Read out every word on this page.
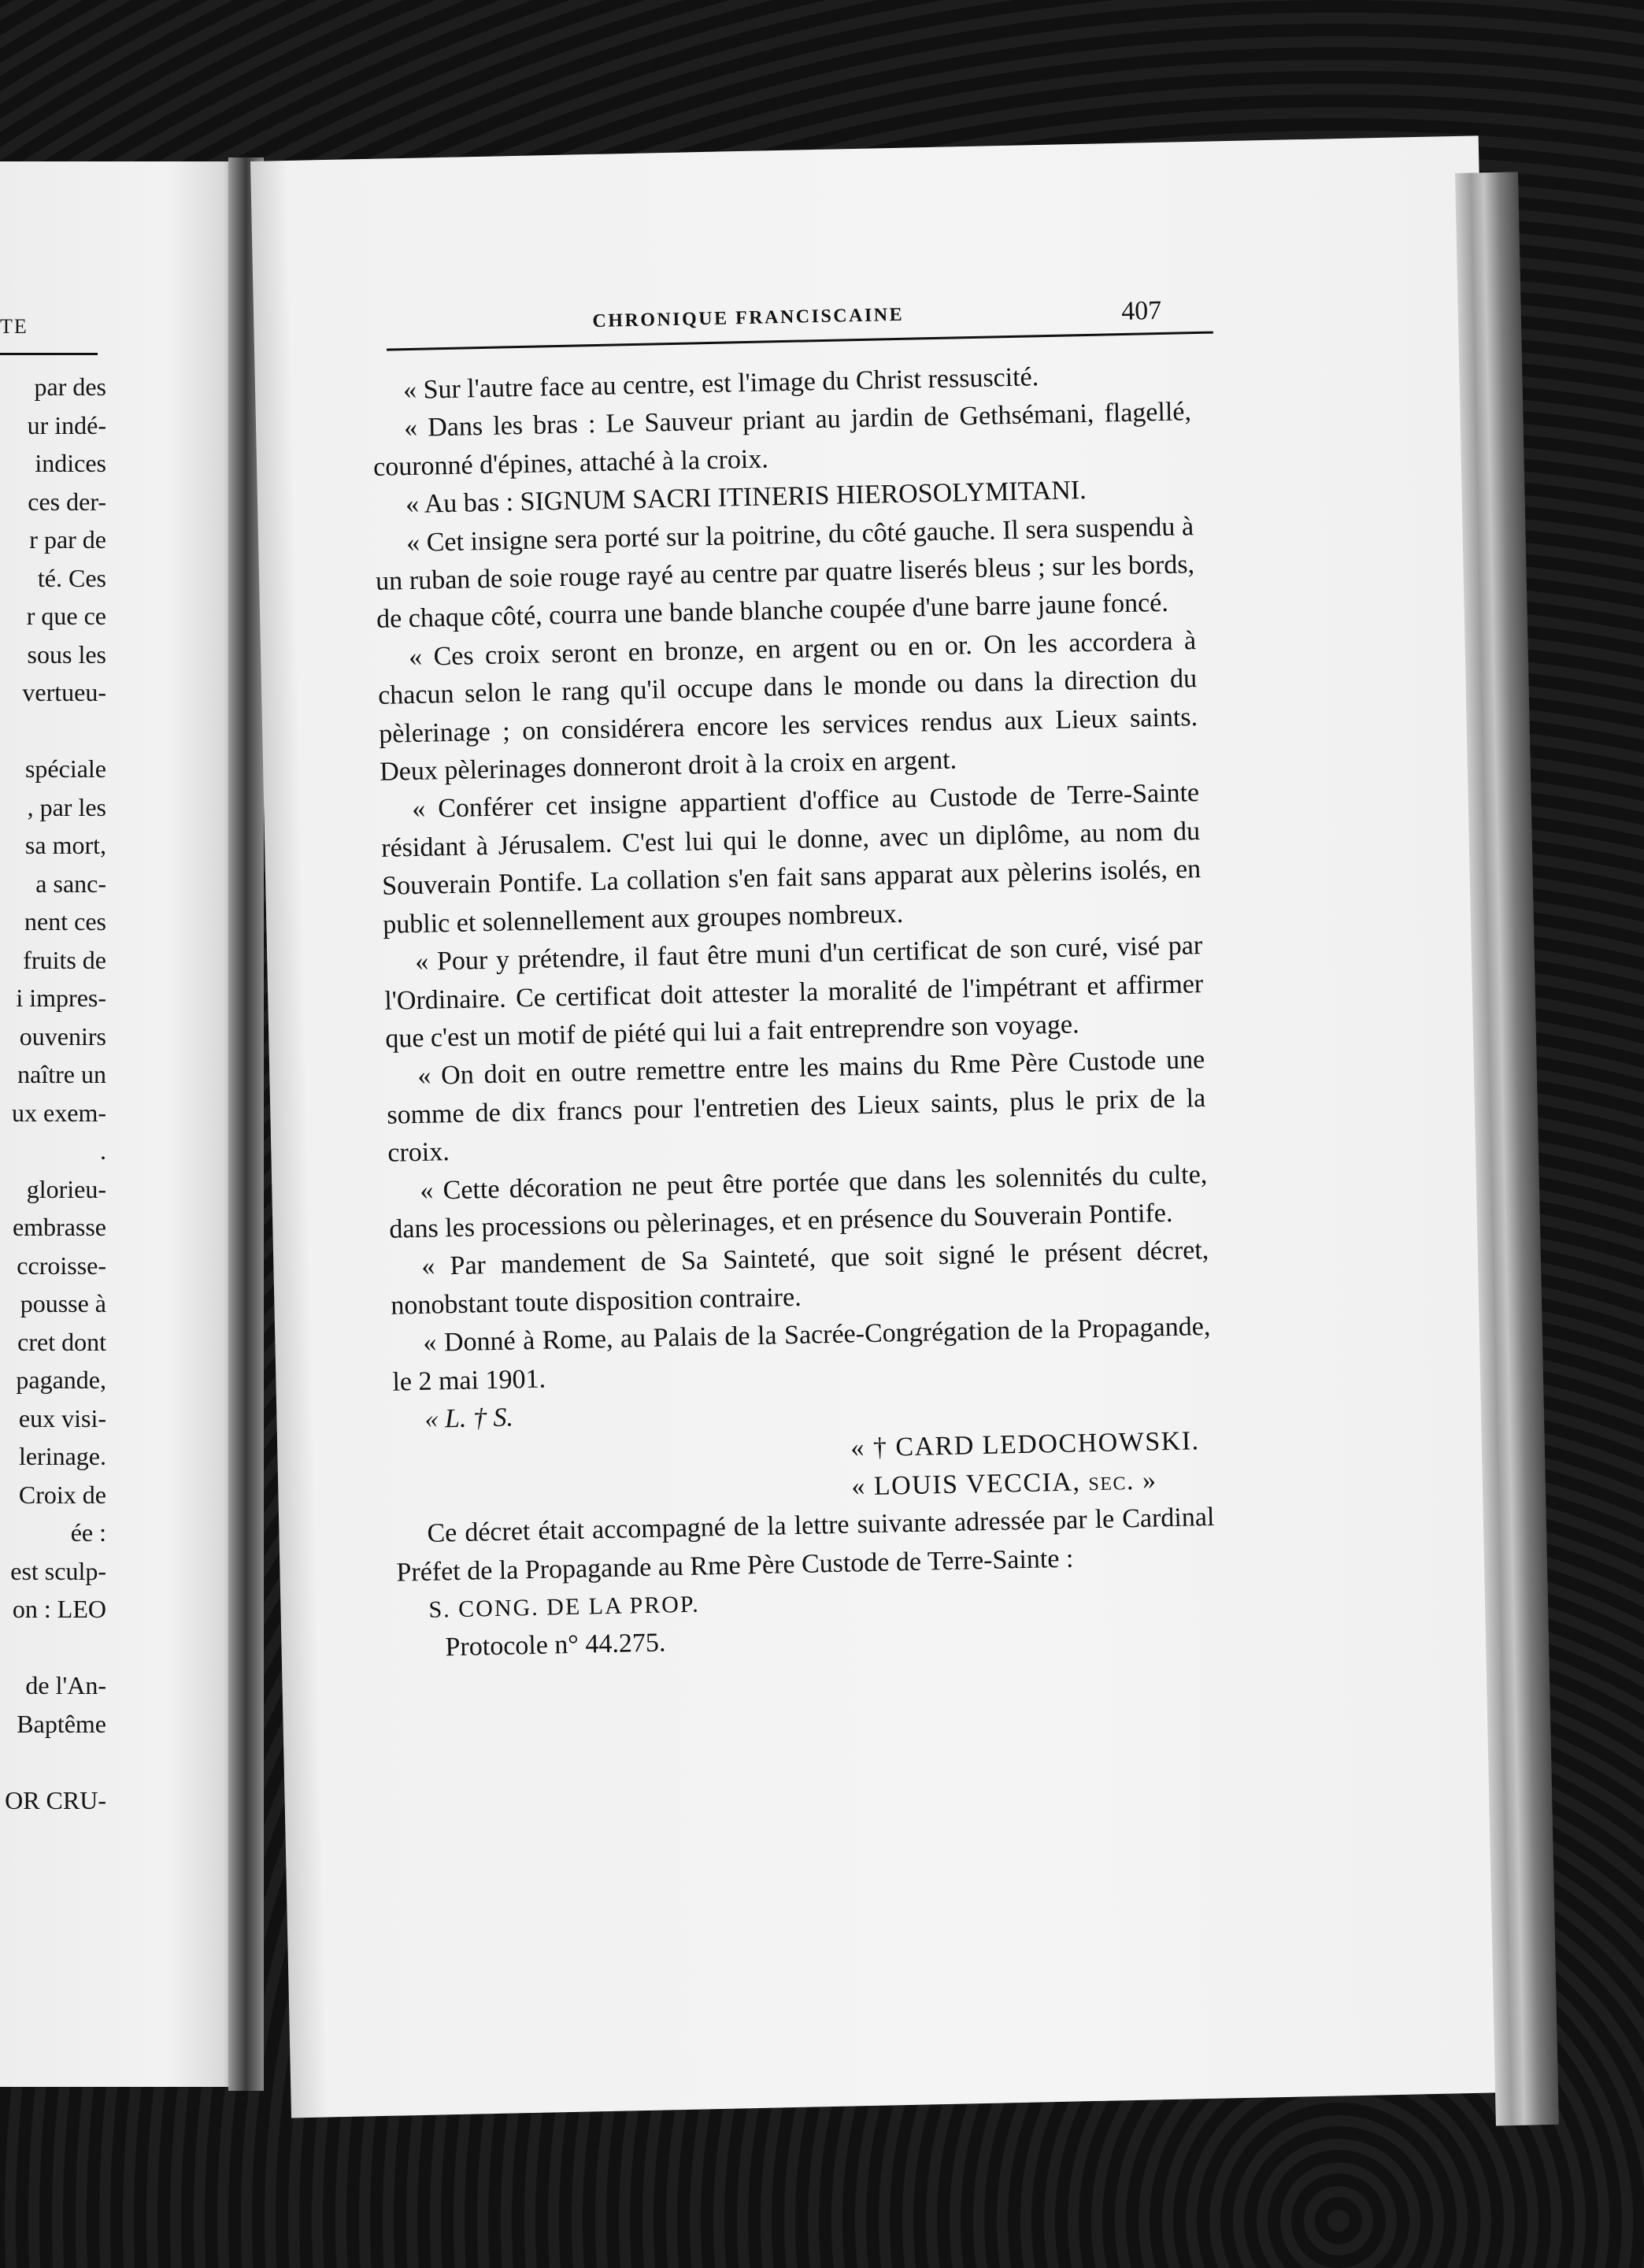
TE
par des
ur indé-
indices
ces der-
r par de
té. Ces
r que ce
sous les
vertueu-
spéciale
, par les
sa mort,
a sanc-
nent ces
fruits de
i impres-
ouvenirs
naître un
ux exem-
.
glorieu-
embrasse
ccroisse-
pousse à
cret dont
pagande,
eux visi-
lerinage.
Croix de
ée :
est sculp-
on : LEO
de l'An-
Baptême
OR CRU-
CHRONIQUE FRANCISCAINE	407

« Sur l'autre face au centre, est l'image du Christ ressuscité.

« Dans les bras : Le Sauveur priant au jardin de Gethsémani, flagellé, couronné d'épines, attaché à la croix.

« Au bas : SIGNUM SACRI ITINERIS HIEROSOLYMITANI.

« Cet insigne sera porté sur la poitrine, du côté gauche. Il sera suspendu à un ruban de soie rouge rayé au centre par quatre liserés bleus ; sur les bords, de chaque côté, courra une bande blanche coupée d'une barre jaune foncé.

« Ces croix seront en bronze, en argent ou en or. On les accordera à chacun selon le rang qu'il occupe dans le monde ou dans la direction du pèlerinage ; on considérera encore les services rendus aux Lieux saints. Deux pèlerinages donneront droit à la croix en argent.

« Conférer cet insigne appartient d'office au Custode de Terre-Sainte résidant à Jérusalem. C'est lui qui le donne, avec un diplôme, au nom du Souverain Pontife. La collation s'en fait sans apparat aux pèlerins isolés, en public et solennellement aux groupes nombreux.

« Pour y prétendre, il faut être muni d'un certificat de son curé, visé par l'Ordinaire. Ce certificat doit attester la moralité de l'impétrant et affirmer que c'est un motif de piété qui lui a fait entreprendre son voyage.

« On doit en outre remettre entre les mains du Rme Père Custode une somme de dix francs pour l'entretien des Lieux saints, plus le prix de la croix.

« Cette décoration ne peut être portée que dans les solennités du culte, dans les processions ou pèlerinages, et en présence du Souverain Pontife.

« Par mandement de Sa Sainteté, que soit signé le présent décret, nonobstant toute disposition contraire.

« Donné à Rome, au Palais de la Sacrée-Congrégation de la Propagande, le 2 mai 1901.

« L. † S.

« † CARD LEDOCHOWSKI.

« LOUIS VECCIA, sec. »

Ce décret était accompagné de la lettre suivante adressée par le Cardinal Préfet de la Propagande au Rme Père Custode de Terre-Sainte :

S. CONG. DE LA PROP.

Protocole n° 44.275.
